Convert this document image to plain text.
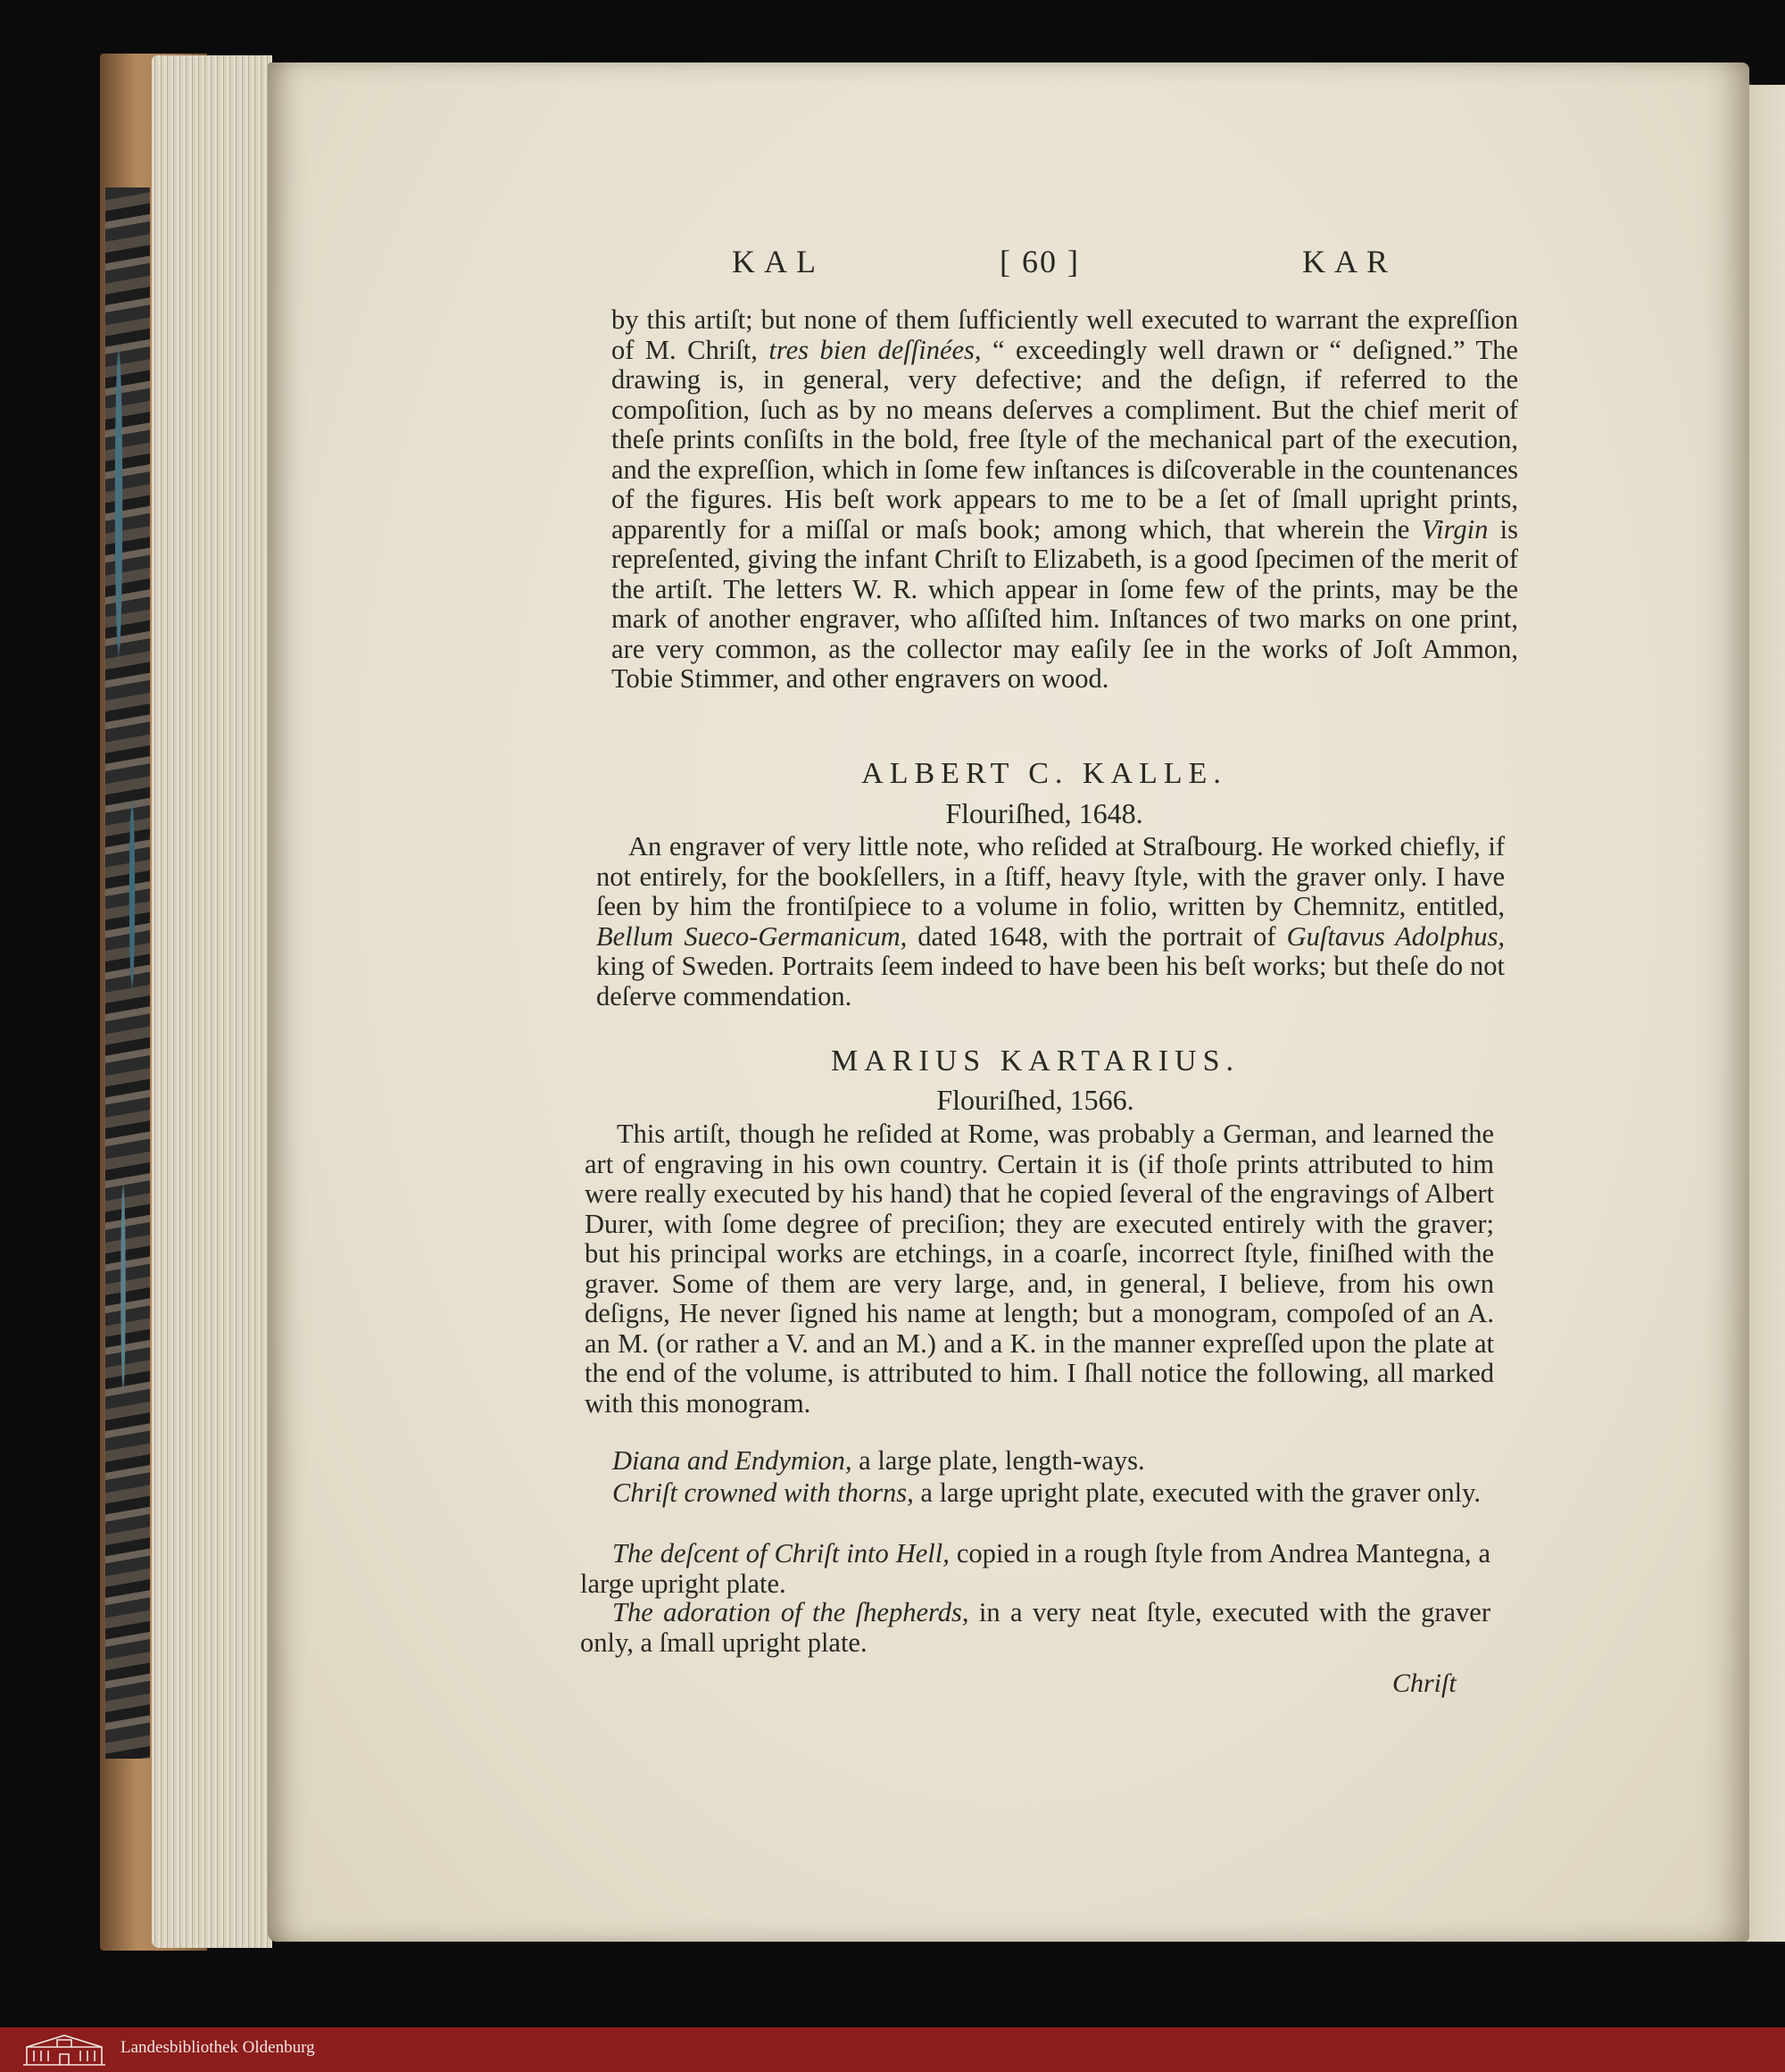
KAL	[ 60 ]	KAR
by this artiſt; but none of them ſufficiently well executed to warrant the expreſſion of M. Chriſt, tres bien deſſinées, “ exceedingly well drawn or “ deſigned.” The drawing is, in general, very defective; and the deſign, if referred to the compoſition, ſuch as by no means deſerves a compliment. But the chief merit of theſe prints conſiſts in the bold, free ſtyle of the mechanical part of the execution, and the expreſſion, which in ſome few inſtances is diſcoverable in the countenances of the figures. His beſt work appears to me to be a ſet of ſmall upright prints, apparently for a miſſal or maſs book; among which, that wherein the Virgin is repreſented, giving the infant Chriſt to Elizabeth, is a good ſpecimen of the merit of the artiſt. The letters W. R. which appear in ſome few of the prints, may be the mark of another engraver, who aſſiſted him. Inſtances of two marks on one print, are very common, as the collector may eaſily ſee in the works of Joſt Ammon, Tobie Stimmer, and other engravers on wood.
ALBERT C. KALLE.
Flouriſhed, 1648.
An engraver of very little note, who reſided at Straſbourg. He worked chiefly, if not entirely, for the bookſellers, in a ſtiff, heavy ſtyle, with the graver only. I have ſeen by him the frontiſpiece to a volume in folio, written by Chemnitz, entitled, Bellum Sueco-Germanicum, dated 1648, with the portrait of Guſtavus Adolphus, king of Sweden. Portraits ſeem indeed to have been his beſt works; but theſe do not deſerve commendation.
MARIUS KARTARIUS.
Flouriſhed, 1566.
This artiſt, though he reſided at Rome, was probably a German, and learned the art of engraving in his own country. Certain it is (if thoſe prints attributed to him were really executed by his hand) that he copied ſeveral of the engravings of Albert Durer, with ſome degree of preciſion; they are executed entirely with the graver; but his principal works are etchings, in a coarſe, incorrect ſtyle, finiſhed with the graver. Some of them are very large, and, in general, I believe, from his own deſigns, He never ſigned his name at length; but a monogram, compoſed of an A. an M. (or rather a V. and an M.) and a K. in the manner expreſſed upon the plate at the end of the volume, is attributed to him. I ſhall notice the following, all marked with this monogram.
Diana and Endymion, a large plate, length-ways.
Chriſt crowned with thorns, a large upright plate, executed with the graver only.
The deſcent of Chriſt into Hell, copied in a rough ſtyle from Andrea Mantegna, a large upright plate.
The adoration of the ſhepherds, in a very neat ſtyle, executed with the graver only, a ſmall upright plate.
Chriſt
Landesbibliothek Oldenburg
